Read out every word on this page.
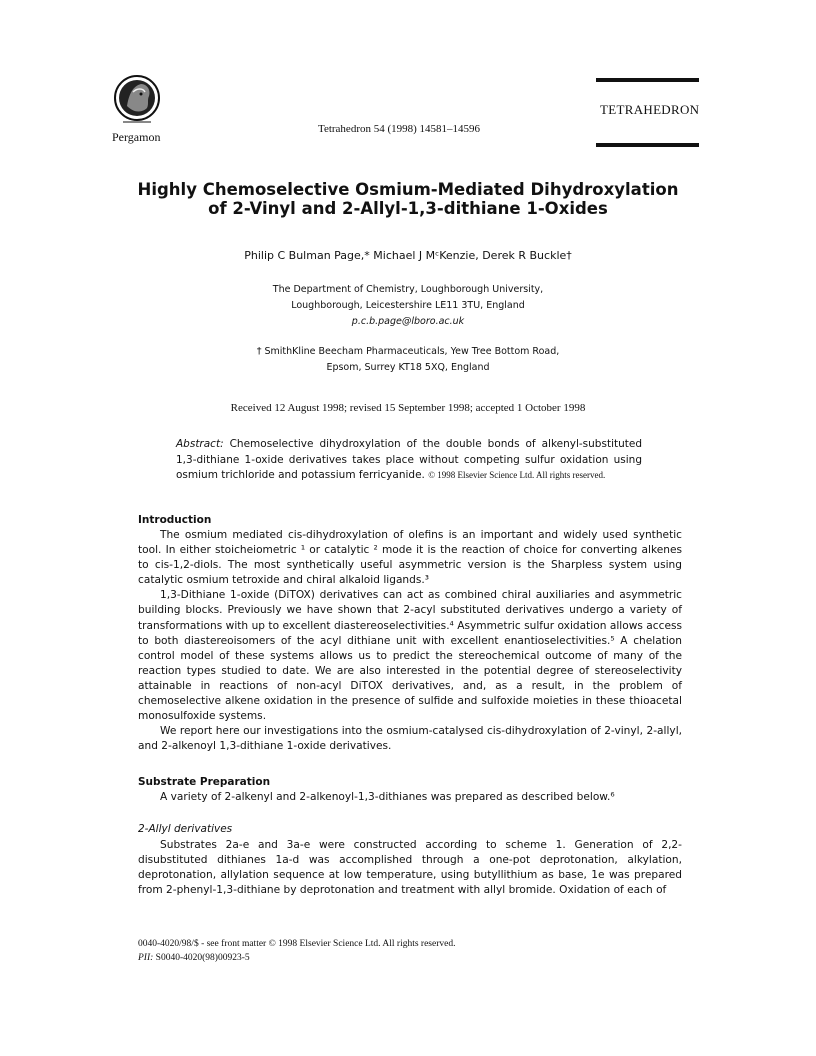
Pergamon
Tetrahedron 54 (1998) 14581–14596
TETRAHEDRON
Highly Chemoselective Osmium-Mediated Dihydroxylation
of 2-Vinyl and 2-Allyl-1,3-dithiane 1-Oxides
Philip C Bulman Page,* Michael J MᶜKenzie, Derek R Buckle†
The Department of Chemistry, Loughborough University,
Loughborough, Leicestershire LE11 3TU, England
p.c.b.page@lboro.ac.uk
† SmithKline Beecham Pharmaceuticals, Yew Tree Bottom Road,
Epsom, Surrey KT18 5XQ, England
Received 12 August 1998; revised 15 September 1998; accepted 1 October 1998
Abstract: Chemoselective dihydroxylation of the double bonds of alkenyl-substituted 1,3-dithiane 1-oxide derivatives takes place without competing sulfur oxidation using osmium trichloride and potassium ferricyanide. © 1998 Elsevier Science Ltd. All rights reserved.
Introduction

The osmium mediated cis-dihydroxylation of olefins is an important and widely used synthetic tool. In either stoicheiometric ¹ or catalytic ² mode it is the reaction of choice for converting alkenes to cis-1,2-diols. The most synthetically useful asymmetric version is the Sharpless system using catalytic osmium tetroxide and chiral alkaloid ligands.³

1,3-Dithiane 1-oxide (DiTOX) derivatives can act as combined chiral auxiliaries and asymmetric building blocks. Previously we have shown that 2-acyl substituted derivatives undergo a variety of transformations with up to excellent diastereoselectivities.⁴ Asymmetric sulfur oxidation allows access to both diastereoisomers of the acyl dithiane unit with excellent enantioselectivities.⁵ A chelation control model of these systems allows us to predict the stereochemical outcome of many of the reaction types studied to date. We are also interested in the potential degree of stereoselectivity attainable in reactions of non-acyl DiTOX derivatives, and, as a result, in the problem of chemoselective alkene oxidation in the presence of sulfide and sulfoxide moieties in these thioacetal monosulfoxide systems.

We report here our investigations into the osmium-catalysed cis-dihydroxylation of 2-vinyl, 2-allyl, and 2-alkenoyl 1,3-dithiane 1-oxide derivatives.

Substrate Preparation

A variety of 2-alkenyl and 2-alkenoyl-1,3-dithianes was prepared as described below.⁶

2-Allyl derivatives

Substrates 2a-e and 3a-e were constructed according to scheme 1. Generation of 2,2-disubstituted dithianes 1a-d was accomplished through a one-pot deprotonation, alkylation, deprotonation, allylation sequence at low temperature, using butyllithium as base, 1e was prepared from 2-phenyl-1,3-dithiane by deprotonation and treatment with allyl bromide. Oxidation of each of

0040-4020/98/$ - see front matter © 1998 Elsevier Science Ltd. All rights reserved.
PII: S0040-4020(98)00923-5
